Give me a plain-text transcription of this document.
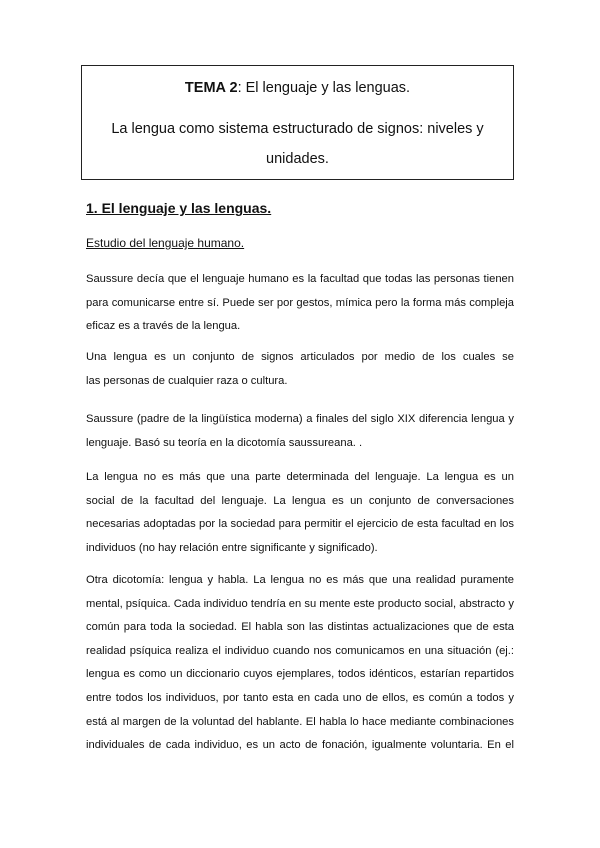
TEMA 2: El lenguaje y las lenguas.
La lengua como sistema estructurado de signos: niveles y unidades.
1. El lenguaje y las lenguas.
Estudio del lenguaje humano.
Saussure decía que el lenguaje humano es la facultad que todas las personas tienen
para comunicarse entre sí. Puede ser por gestos, mímica pero la forma más compleja
eficaz es a través de la lengua.
Una lengua es un conjunto de signos articulados por medio de los cuales se
las personas de cualquier raza o cultura.
Saussure (padre de la lingüística moderna) a finales del siglo XIX diferencia lengua y
lenguaje. Basó su teoría en la dicotomía saussureana. .
La lengua no es más que una parte determinada del lenguaje. La lengua es un
social de la facultad del lenguaje. La lengua es un conjunto de conversaciones
necesarias adoptadas por la sociedad para permitir el ejercicio de esta facultad en los
individuos (no hay relación entre significante y significado).
Otra dicotomía: lengua y habla. La lengua no es más que una realidad puramente
mental, psíquica. Cada individuo tendría en su mente este producto social, abstracto y
común para toda la sociedad. El habla son las distintas actualizaciones que de esta
realidad psíquica realiza el individuo cuando nos comunicamos en una situación (ej.:
lengua es como un diccionario cuyos ejemplares, todos idénticos, estarían repartidos
entre todos los individuos, por tanto esta en cada uno de ellos, es común a todos y
está al margen de la voluntad del hablante. El habla lo hace mediante combinaciones
individuales de cada individuo, es un acto de fonación, igualmente voluntaria. En el
